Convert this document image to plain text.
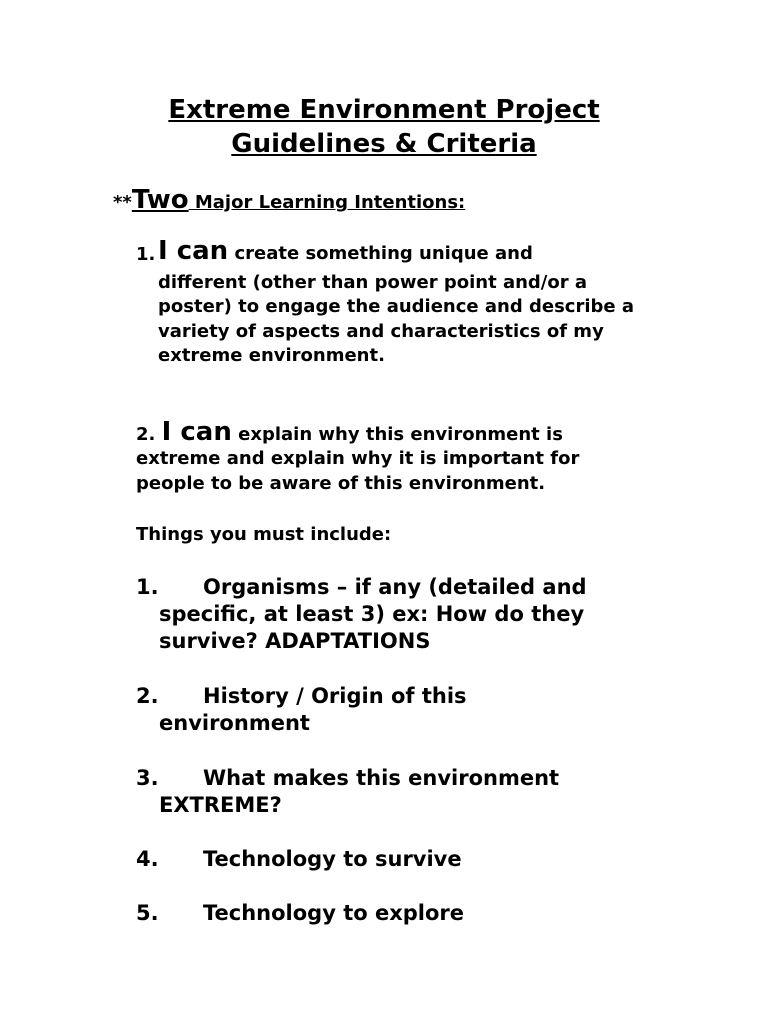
Extreme Environment Project
Guidelines & Criteria
**Two Major Learning Intentions:
1. I can create something unique and
different (other than power point and/or a poster) to engage the audience and describe a variety of aspects and characteristics of my extreme environment.
2. I can explain why this environment is extreme and explain why it is important for people to be aware of this environment.
Things you must include:
1.	Organisms – if any (detailed and
specific, at least 3) ex: How do they survive? ADAPTATIONS
2.	History / Origin of this
environment
3.	What makes this environment
EXTREME?
4.	Technology to survive
5.	Technology to explore
